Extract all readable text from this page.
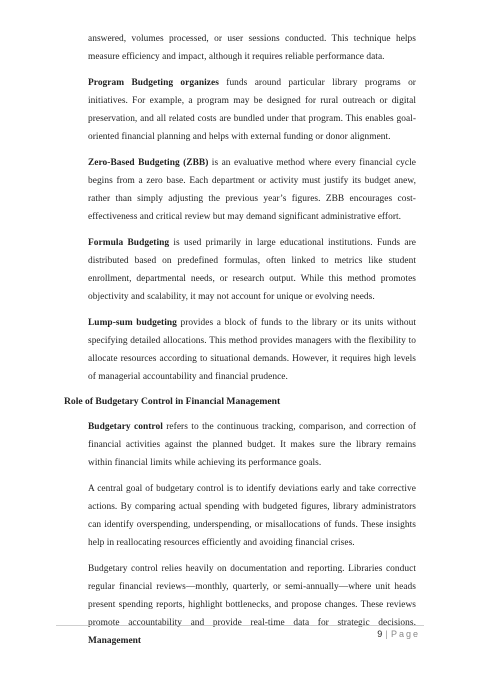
answered, volumes processed, or user sessions conducted. This technique helps measure efficiency and impact, although it requires reliable performance data.

Program Budgeting organizes funds around particular library programs or initiatives. For example, a program may be designed for rural outreach or digital preservation, and all related costs are bundled under that program. This enables goal-oriented financial planning and helps with external funding or donor alignment.

Zero-Based Budgeting (ZBB) is an evaluative method where every financial cycle begins from a zero base. Each department or activity must justify its budget anew, rather than simply adjusting the previous year’s figures. ZBB encourages cost-effectiveness and critical review but may demand significant administrative effort.

Formula Budgeting is used primarily in large educational institutions. Funds are distributed based on predefined formulas, often linked to metrics like student enrollment, departmental needs, or research output. While this method promotes objectivity and scalability, it may not account for unique or evolving needs.

Lump-sum budgeting provides a block of funds to the library or its units without specifying detailed allocations. This method provides managers with the flexibility to allocate resources according to situational demands. However, it requires high levels of managerial accountability and financial prudence.

Role of Budgetary Control in Financial Management

Budgetary control refers to the continuous tracking, comparison, and correction of financial activities against the planned budget. It makes sure the library remains within financial limits while achieving its performance goals.

A central goal of budgetary control is to identify deviations early and take corrective actions. By comparing actual spending with budgeted figures, library administrators can identify overspending, underspending, or misallocations of funds. These insights help in reallocating resources efficiently and avoiding financial crises.

Budgetary control relies heavily on documentation and reporting. Libraries conduct regular financial reviews—monthly, quarterly, or semi-annually—where unit heads present spending reports, highlight bottlenecks, and propose changes. These reviews promote accountability and provide real-time data for strategic decisions. Management

9 | Page
